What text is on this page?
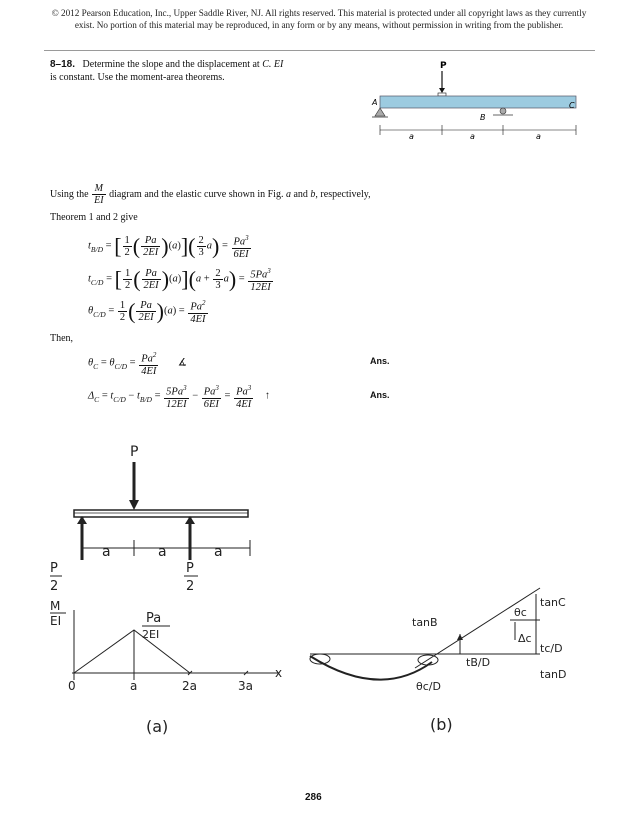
© 2012 Pearson Education, Inc., Upper Saddle River, NJ. All rights reserved. This material is protected under all copyright laws as they currently
exist. No portion of this material may be reproduced, in any form or by any means, without permission in writing from the publisher.
8–18. Determine the slope and the displacement at C. EI
is constant. Use the moment-area theorems.
P
A	C
B
a	a	a
Using the $\frac{M}{EI}$ diagram and the elastic curve shown in Fig. a and b, respectively,
Theorem 1 and 2 give
$t_{B/D}$ = [ $\frac{1}{2}$ ( $\frac{Pa}{2EI} )(a)]( \frac{2}{3} a) = \frac{Pa^3}{6EI}$
$t_{C/D}$ = [ $\frac{1}{2}$ ( $\frac{Pa}{2EI} )(a)](a + \frac{2}{3} a) = \frac{5Pa^3}{12EI}$
$\theta_{C/D} = \frac{1}{2}$ ( $\frac{Pa}{2EI} )(a) = \frac{Pa^2}{4EI}$
Then,
$\theta_C = \theta_{C/D} = \frac{Pa^2}{4EI}$ ∡	Ans.
$\Delta_C = t_{C/D} - t_{B/D} = \frac{5Pa^3}{12EI} - \frac{Pa^3}{6EI} = \frac{Pa^3}{4EI}$ ↑	Ans.
P
a	a	a
P
2
P
2
M
EI
x
Pa
2EI
0	a	2a	3a
(a)
tanC
tanB
tanD
θc
Δc
tc/D
tB/D
θc/D
(b)
286
